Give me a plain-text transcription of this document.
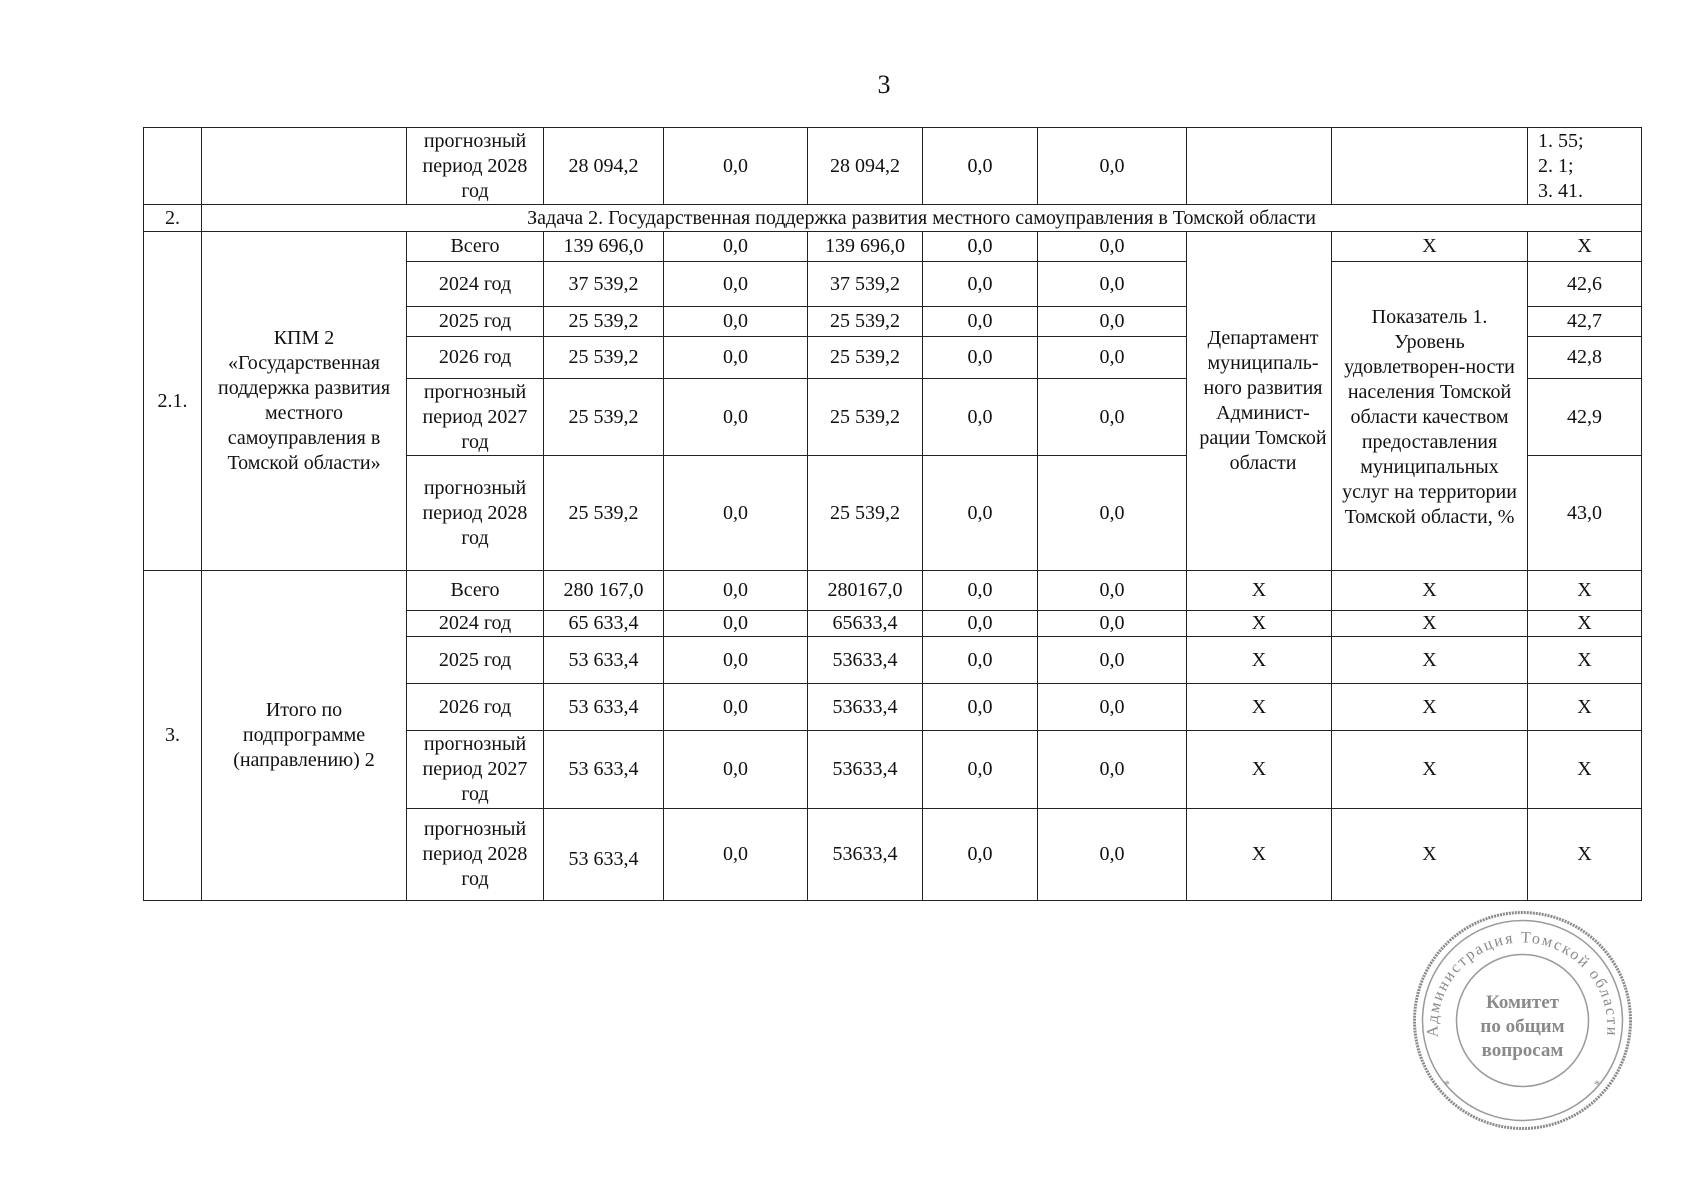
3
		прогнозный период 2028 год	28 094,2	0,0	28 094,2	0,0	0,0			1. 55;
2. 1;
3. 41.
2.	Задача 2. Государственная поддержка развития местного самоуправления в Томской области									
2.1.	КПМ 2 «Государственная поддержка развития местного самоуправления в Томской области»	Всего	139 696,0	0,0	139 696,0	0,0	0,0	Департамент муниципаль-ного развития Админист-рации Томской области	X	X
		2024 год	37 539,2	0,0	37 539,2	0,0	0,0		Показатель 1. Уровень удовлетворен-ности населения Томской области качеством предоставления муниципальных услуг на территории Томской области, %	42,6
		2025 год	25 539,2	0,0	25 539,2	0,0	0,0			42,7
		2026 год	25 539,2	0,0	25 539,2	0,0	0,0			42,8
		прогнозный период 2027 год	25 539,2	0,0	25 539,2	0,0	0,0			42,9
		прогнозный период 2028 год	25 539,2	0,0	25 539,2	0,0	0,0			43,0
3.	Итого по подпрограмме (направлению) 2	Всего	280 167,0	0,0	280167,0	0,0	0,0	X	X	X
		2024 год	65 633,4	0,0	65633,4	0,0	0,0	X	X	X
		2025 год	53 633,4	0,0	53633,4	0,0	0,0	X	X	X
		2026 год	53 633,4	0,0	53633,4	0,0	0,0	X	X	X
		прогнозный период 2027 год	53 633,4	0,0	53633,4	0,0	0,0	X	X	X
		прогнозный период 2028 год	53 633,4	0,0	53633,4	0,0	0,0	X	X	X
Администрация Томской области
*	*
Комитет
по общим
вопросам
